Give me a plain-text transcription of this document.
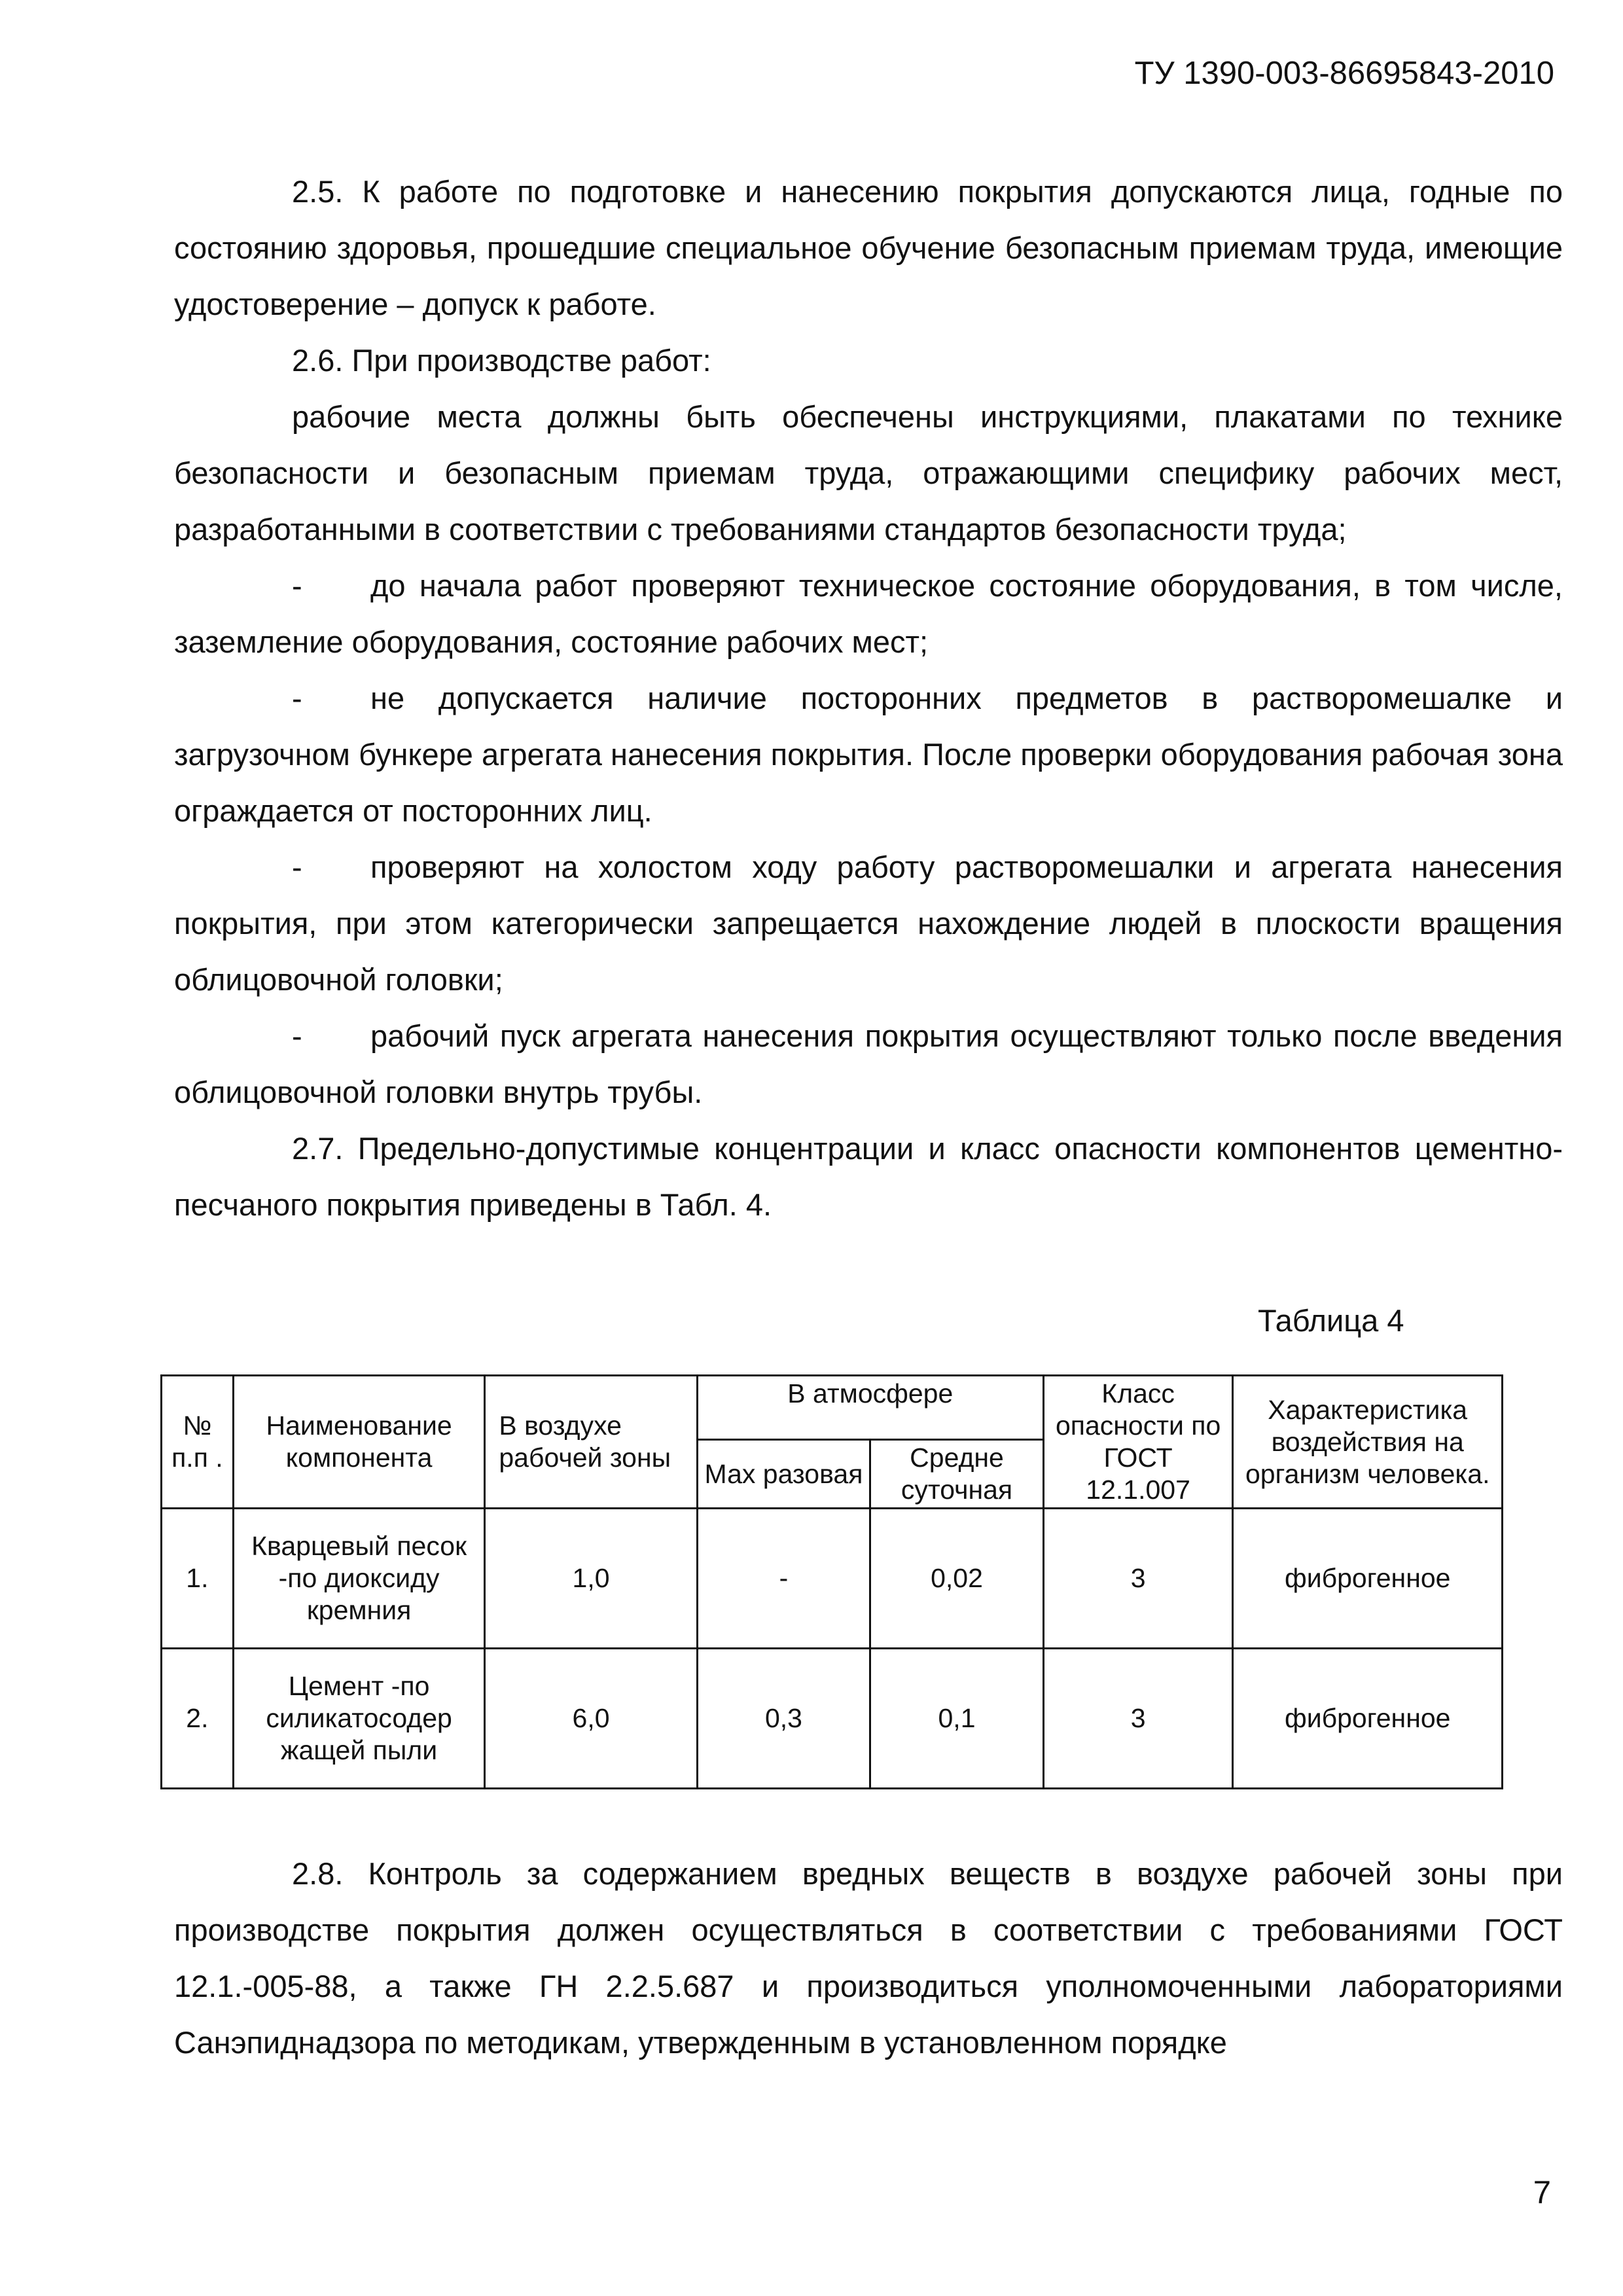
ТУ 1390-003-86695843-2010

2.5. К работе по подготовке и нанесению покрытия допускаются лица, годные по состоянию здоровья, прошедшие специальное обучение безопасным приемам труда, имеющие удостоверение – допуск к работе.

2.6. При производстве работ:

рабочие места должны быть обеспечены инструкциями, плакатами по технике безопасности и безопасным приемам труда, отражающими специфику рабочих мест, разработанными в соответствии с требованиями стандартов безопасности труда;

- до начала работ проверяют техническое состояние оборудования, в том числе, заземление оборудования, состояние рабочих мест;

- не допускается наличие посторонних предметов в растворомешалке и загрузочном бункере агрегата нанесения покрытия. После проверки оборудования рабочая зона ограждается от посторонних лиц.

- проверяют на холостом ходу работу растворомешалки и агрегата нанесения покрытия, при этом категорически запрещается нахождение людей в плоскости вращения облицовочной головки;

- рабочий пуск агрегата нанесения покрытия осуществляют только после введения облицовочной головки внутрь трубы.

2.7. Предельно-допустимые концентрации и класс опасности компонентов цементно-песчаного покрытия приведены в Табл. 4.

Таблица 4
№ п.п .	Наименование компонента	В воздухе рабочей зоны	В атмосфере		Класс опасности по ГОСТ 12.1.007	Характеристика воздействия на организм человека.
			Мах разовая	Средне суточная		
1.	Кварцевый песок -по диоксиду кремния	1,0	-	0,02	3	фиброгенное
2.	Цемент -по силикатосодер жащей пыли	6,0	0,3	0,1	3	фиброгенное

2.8. Контроль за содержанием вредных веществ в воздухе рабочей зоны при производстве покрытия должен осуществляться в соответствии с требованиями ГОСТ 12.1.-005-88, а также ГН 2.2.5.687 и производиться уполномоченными лабораториями Санэпиднадзора по методикам, утвержденным в установленном порядке

7
